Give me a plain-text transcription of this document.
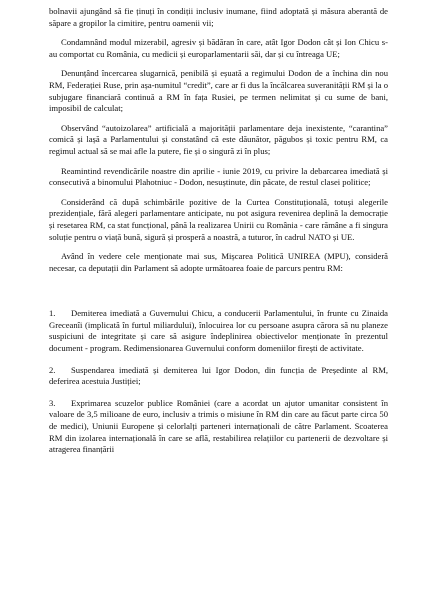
bolnavii ajungând să fie ținuți în condiții inclusiv inumane, fiind adoptată și măsura aberantă de săpare a gropilor la cimitire, pentru oamenii vii;

Condamnând modul mizerabil, agresiv și bădăran în care, atât Igor Dodon cât și Ion Chicu s-au comportat cu România, cu medicii și europarlamentarii săi, dar și cu întreaga UE;

Denunțând încercarea slugarnică, penibilă și eșuată a regimului Dodon de a închina din nou RM, Federației Ruse, prin așa-numitul “credit”, care ar fi dus la încălcarea suveranității RM și la o subjugare financiară continuă a RM în fața Rusiei, pe termen nelimitat și cu sume de bani, imposibil de calculat;

Observând “autoizolarea” artificială a majorității parlamentare deja inexistente, “carantina” comică și lașă a Parlamentului și constatând că este dăunător, păgubos și toxic pentru RM, ca regimul actual să se mai afle la putere, fie și o singură zi în plus;

Reamintind revendicările noastre din aprilie - iunie 2019, cu privire la debarcarea imediată și consecutivă a binomului Plahotniuc - Dodon, nesuștinute, din păcate, de restul clasei politice;

Considerând că după schimbările pozitive de la Curtea Constituțională, totuși alegerile prezidențiale, fără alegeri parlamentare anticipate, nu pot asigura revenirea deplină la democrație și resetarea RM, ca stat funcțional, până la realizarea Unirii cu România - care rămâne a fi singura soluție pentru o viață bună, sigură și prosperă a noastră, a tuturor, în cadrul NATO și UE.

Având în vedere cele menționate mai sus, Mișcarea Politică UNIREA (MPU), consideră necesar, ca deputații din Parlament să adopte următoarea foaie de parcurs pentru RM:

1. Demiterea imediată a Guvernului Chicu, a conducerii Parlamentului, în frunte cu Zinaida Greceanîi (implicată în furtul miliardului), înlocuirea lor cu persoane asupra cărora să nu planeze suspiciuni de integritate și care să asigure îndeplinirea obiectivelor menționate în prezentul document - program. Redimensionarea Guvernului conform domeniilor firești de activitate.
2. Suspendarea imediată și demiterea lui Igor Dodon, din funcția de Președinte al RM, deferirea acestuia Justiției;
3. Exprimarea scuzelor publice României (care a acordat un ajutor umanitar consistent în valoare de 3,5 milioane de euro, inclusiv a trimis o misiune în RM din care au făcut parte circa 50 de medici), Uniunii Europene și celorlalți parteneri internaționali de către Parlament. Scoaterea RM din izolarea internațională în care se află, restabilirea relațiilor cu partenerii de dezvoltare și atragerea finanțării
